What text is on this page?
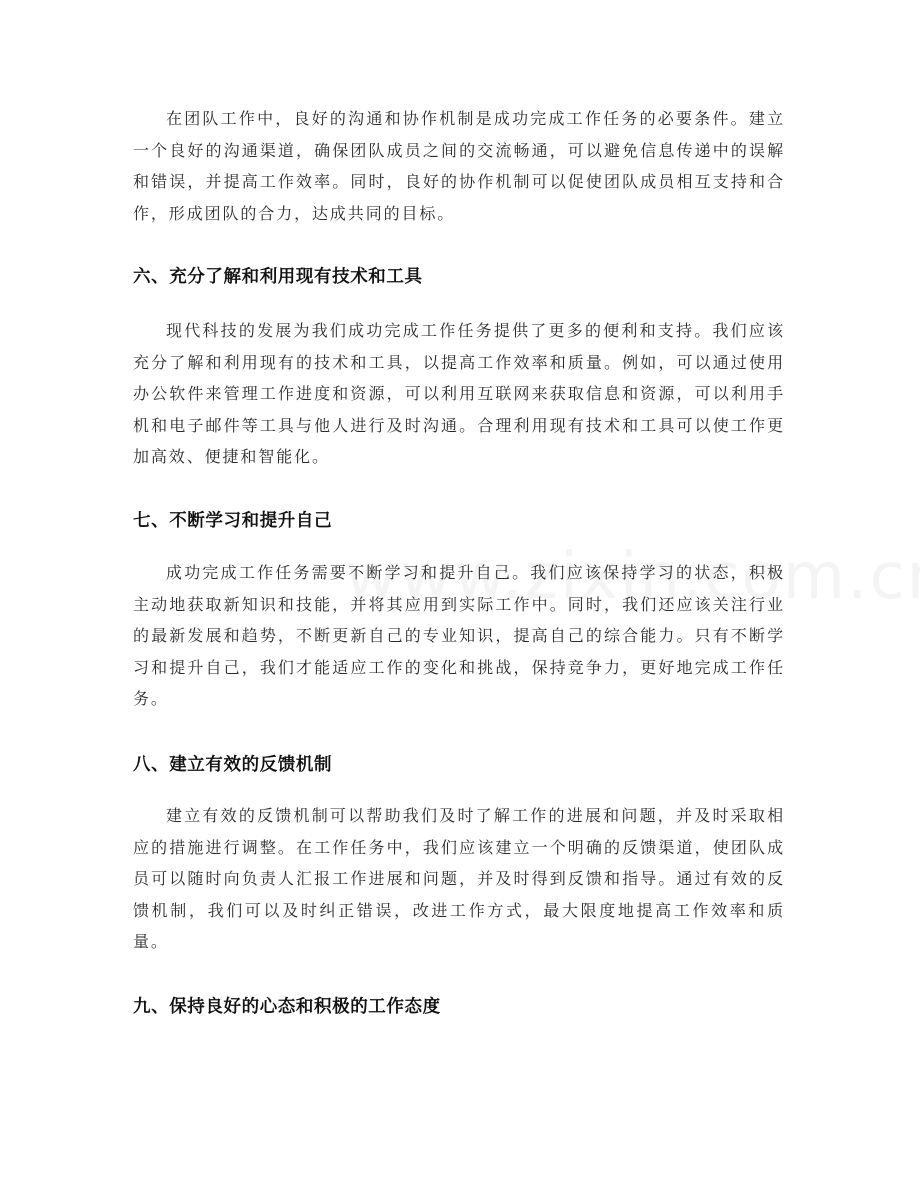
在团队工作中，良好的沟通和协作机制是成功完成工作任务的必要条件。建立一个良好的沟通渠道，确保团队成员之间的交流畅通，可以避免信息传递中的误解和错误，并提高工作效率。同时，良好的协作机制可以促使团队成员相互支持和合作，形成团队的合力，达成共同的目标。

六、充分了解和利用现有技术和工具

现代科技的发展为我们成功完成工作任务提供了更多的便利和支持。我们应该充分了解和利用现有的技术和工具，以提高工作效率和质量。例如，可以通过使用办公软件来管理工作进度和资源，可以利用互联网来获取信息和资源，可以利用手机和电子邮件等工具与他人进行及时沟通。合理利用现有技术和工具可以使工作更加高效、便捷和智能化。

七、不断学习和提升自己

成功完成工作任务需要不断学习和提升自己。我们应该保持学习的状态，积极主动地获取新知识和技能，并将其应用到实际工作中。同时，我们还应该关注行业的最新发展和趋势，不断更新自己的专业知识，提高自己的综合能力。只有不断学习和提升自己，我们才能适应工作的变化和挑战，保持竞争力，更好地完成工作任务。

八、建立有效的反馈机制

建立有效的反馈机制可以帮助我们及时了解工作的进展和问题，并及时采取相应的措施进行调整。在工作任务中，我们应该建立一个明确的反馈渠道，使团队成员可以随时向负责人汇报工作进展和问题，并及时得到反馈和指导。通过有效的反馈机制，我们可以及时纠正错误，改进工作方式，最大限度地提高工作效率和质量。

九、保持良好的心态和积极的工作态度
